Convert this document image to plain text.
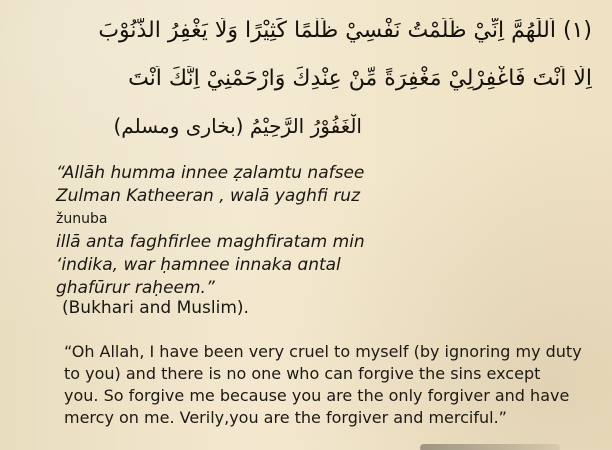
(١) اَللّٰهُمَّ اِنِّيْ ظَلَمْتُ نَفْسِيْ ظُلْمًا كَثِيْرًا وَلَا يَغْفِرُ الذُّنُوْبَ
اِلَّا اَنْتَ فَاغْفِرْلِيْ مَغْفِرَةً مِّنْ عِنْدِكَ وَارْحَمْنِيْ اِنَّكَ اَنْتَ
الْغَفُوْرُ الرَّحِيْمُ (بخاری ومسلم)
“Allāh humma innee ẓalamtu nafsee
Zulman Katheeran , walā yaghfi ruz
žunuba
illā anta faghfirlee maghfiratam min
‘indika, war ḥamnee innaka ɑntal
ghafūrur raḥeem.”
(Bukhari and Muslim).
“Oh Allah, I have been very cruel to myself (by ignoring my duty
to you) and there is no one who can forgive the sins except
you. So forgive me because you are the only forgiver and have
mercy on me. Verily,you are the forgiver and merciful.”
